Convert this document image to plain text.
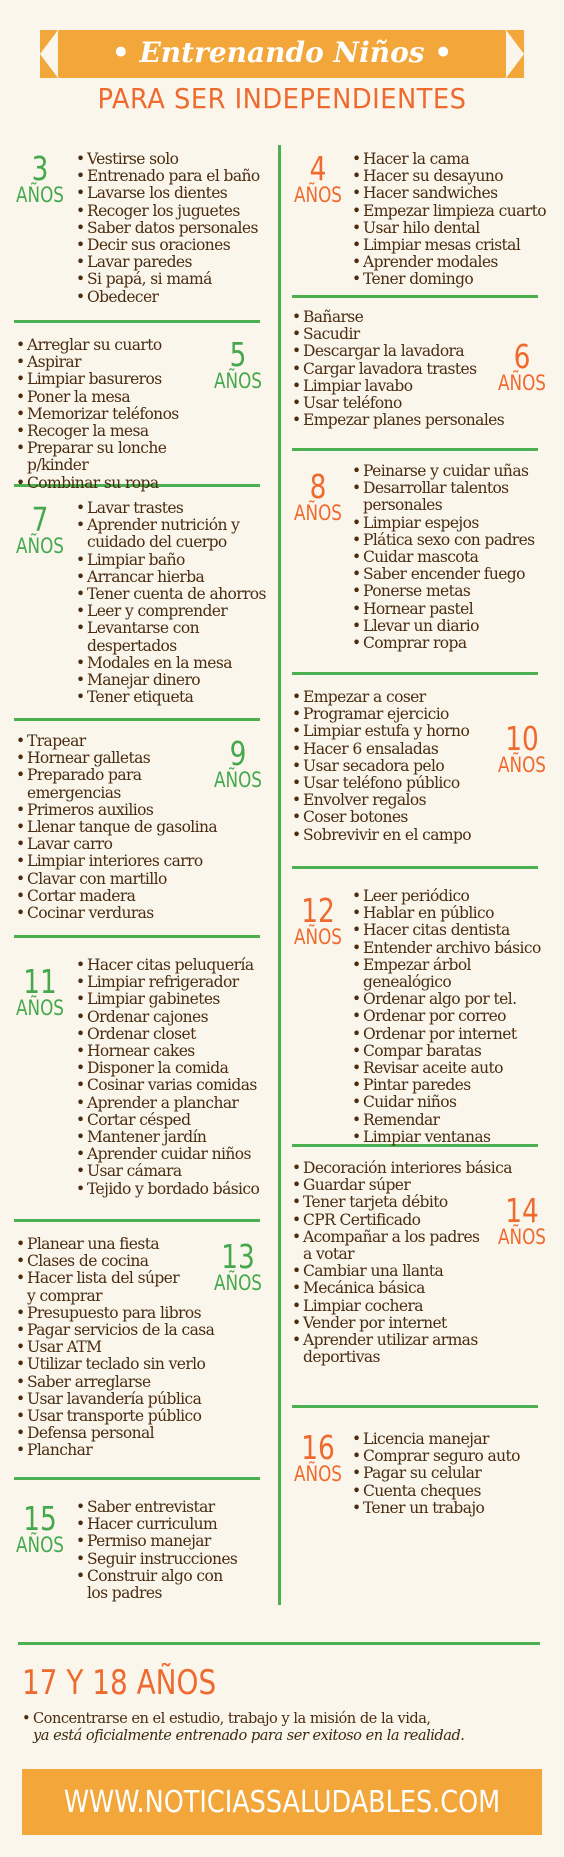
• Entrenando Niños •
PARA SER INDEPENDIENTES
3
AÑOS
• Vestirse solo
• Entrenado para el baño
• Lavarse los dientes
• Recoger los juguetes
• Saber datos personales
• Decir sus oraciones
• Lavar paredes
• Si papá, si mamá
• Obedecer
4
AÑOS
• Hacer la cama
• Hacer su desayuno
• Hacer sandwiches
• Empezar limpieza cuarto
• Usar hilo dental
• Limpiar mesas cristal
• Aprender modales
• Tener domingo
• Arreglar su cuarto
• Aspirar
• Limpiar basureros
• Poner la mesa
• Memorizar teléfonos
• Recoger la mesa
• Preparar su lonche p/kinder
• Combinar su ropa
5
AÑOS
• Bañarse
• Sacudir
• Descargar la lavadora
• Cargar lavadora trastes
• Limpiar lavabo
• Usar teléfono
• Empezar planes personales
6
AÑOS
7
AÑOS
• Lavar trastes
• Aprender nutrición y
cuidado del cuerpo
• Limpiar baño
• Arrancar hierba
• Tener cuenta de ahorros
• Leer y comprender
• Levantarse con
despertados
• Modales en la mesa
• Manejar dinero
• Tener etiqueta
8
AÑOS
• Peinarse y cuidar uñas
• Desarrollar talentos
personales
• Limpiar espejos
• Plática sexo con padres
• Cuidar mascota
• Saber encender fuego
• Ponerse metas
• Hornear pastel
• Llevar un diario
• Comprar ropa
• Trapear
• Hornear galletas
• Preparado para
emergencias
• Primeros auxilios
• Llenar tanque de gasolina
• Lavar carro
• Limpiar interiores carro
• Clavar con martillo
• Cortar madera
• Cocinar verduras
9
AÑOS
• Empezar a coser
• Programar ejercicio
• Limpiar estufa y horno
• Hacer 6 ensaladas
• Usar secadora pelo
• Usar teléfono público
• Envolver regalos
• Coser botones
• Sobrevivir en el campo
10
AÑOS
11
AÑOS
• Hacer citas peluquería
• Limpiar refrigerador
• Limpiar gabinetes
• Ordenar cajones
• Ordenar closet
• Hornear cakes
• Disponer la comida
• Cosinar varias comidas
• Aprender a planchar
• Cortar césped
• Mantener jardín
• Aprender cuidar niños
• Usar cámara
• Tejido y bordado básico
12
AÑOS
• Leer periódico
• Hablar en público
• Hacer citas dentista
• Entender archivo básico
• Empezar árbol genealógico
• Ordenar algo por tel.
• Ordenar por correo
• Ordenar por internet
• Compar baratas
• Revisar aceite auto
• Pintar paredes
• Cuidar niños
• Remendar
• Limpiar ventanas
• Planear una fiesta
• Clases de cocina
• Hacer lista del súper
y comprar
• Presupuesto para libros
• Pagar servicios de la casa
• Usar ATM
• Utilizar teclado sin verlo
• Saber arreglarse
• Usar lavandería pública
• Usar transporte público
• Defensa personal
• Planchar
13
AÑOS
• Decoración interiores básica
• Guardar súper
• Tener tarjeta débito
• CPR Certificado
• Acompañar a los padres
a votar
• Cambiar una llanta
• Mecánica básica
• Limpiar cochera
• Vender por internet
• Aprender utilizar armas
deportivas
14
AÑOS
15
AÑOS
• Saber entrevistar
• Hacer curriculum
• Permiso manejar
• Seguir instrucciones
• Construir algo con
los padres
16
AÑOS
• Licencia manejar
• Comprar seguro auto
• Pagar su celular
• Cuenta cheques
• Tener un trabajo
17 Y 18 AÑOS
• Concentrarse en el estudio, trabajo y la misión de la vida,
ya está oficialmente entrenado para ser exitoso en la realidad.
WWW.NOTICIASSALUDABLES.COM
